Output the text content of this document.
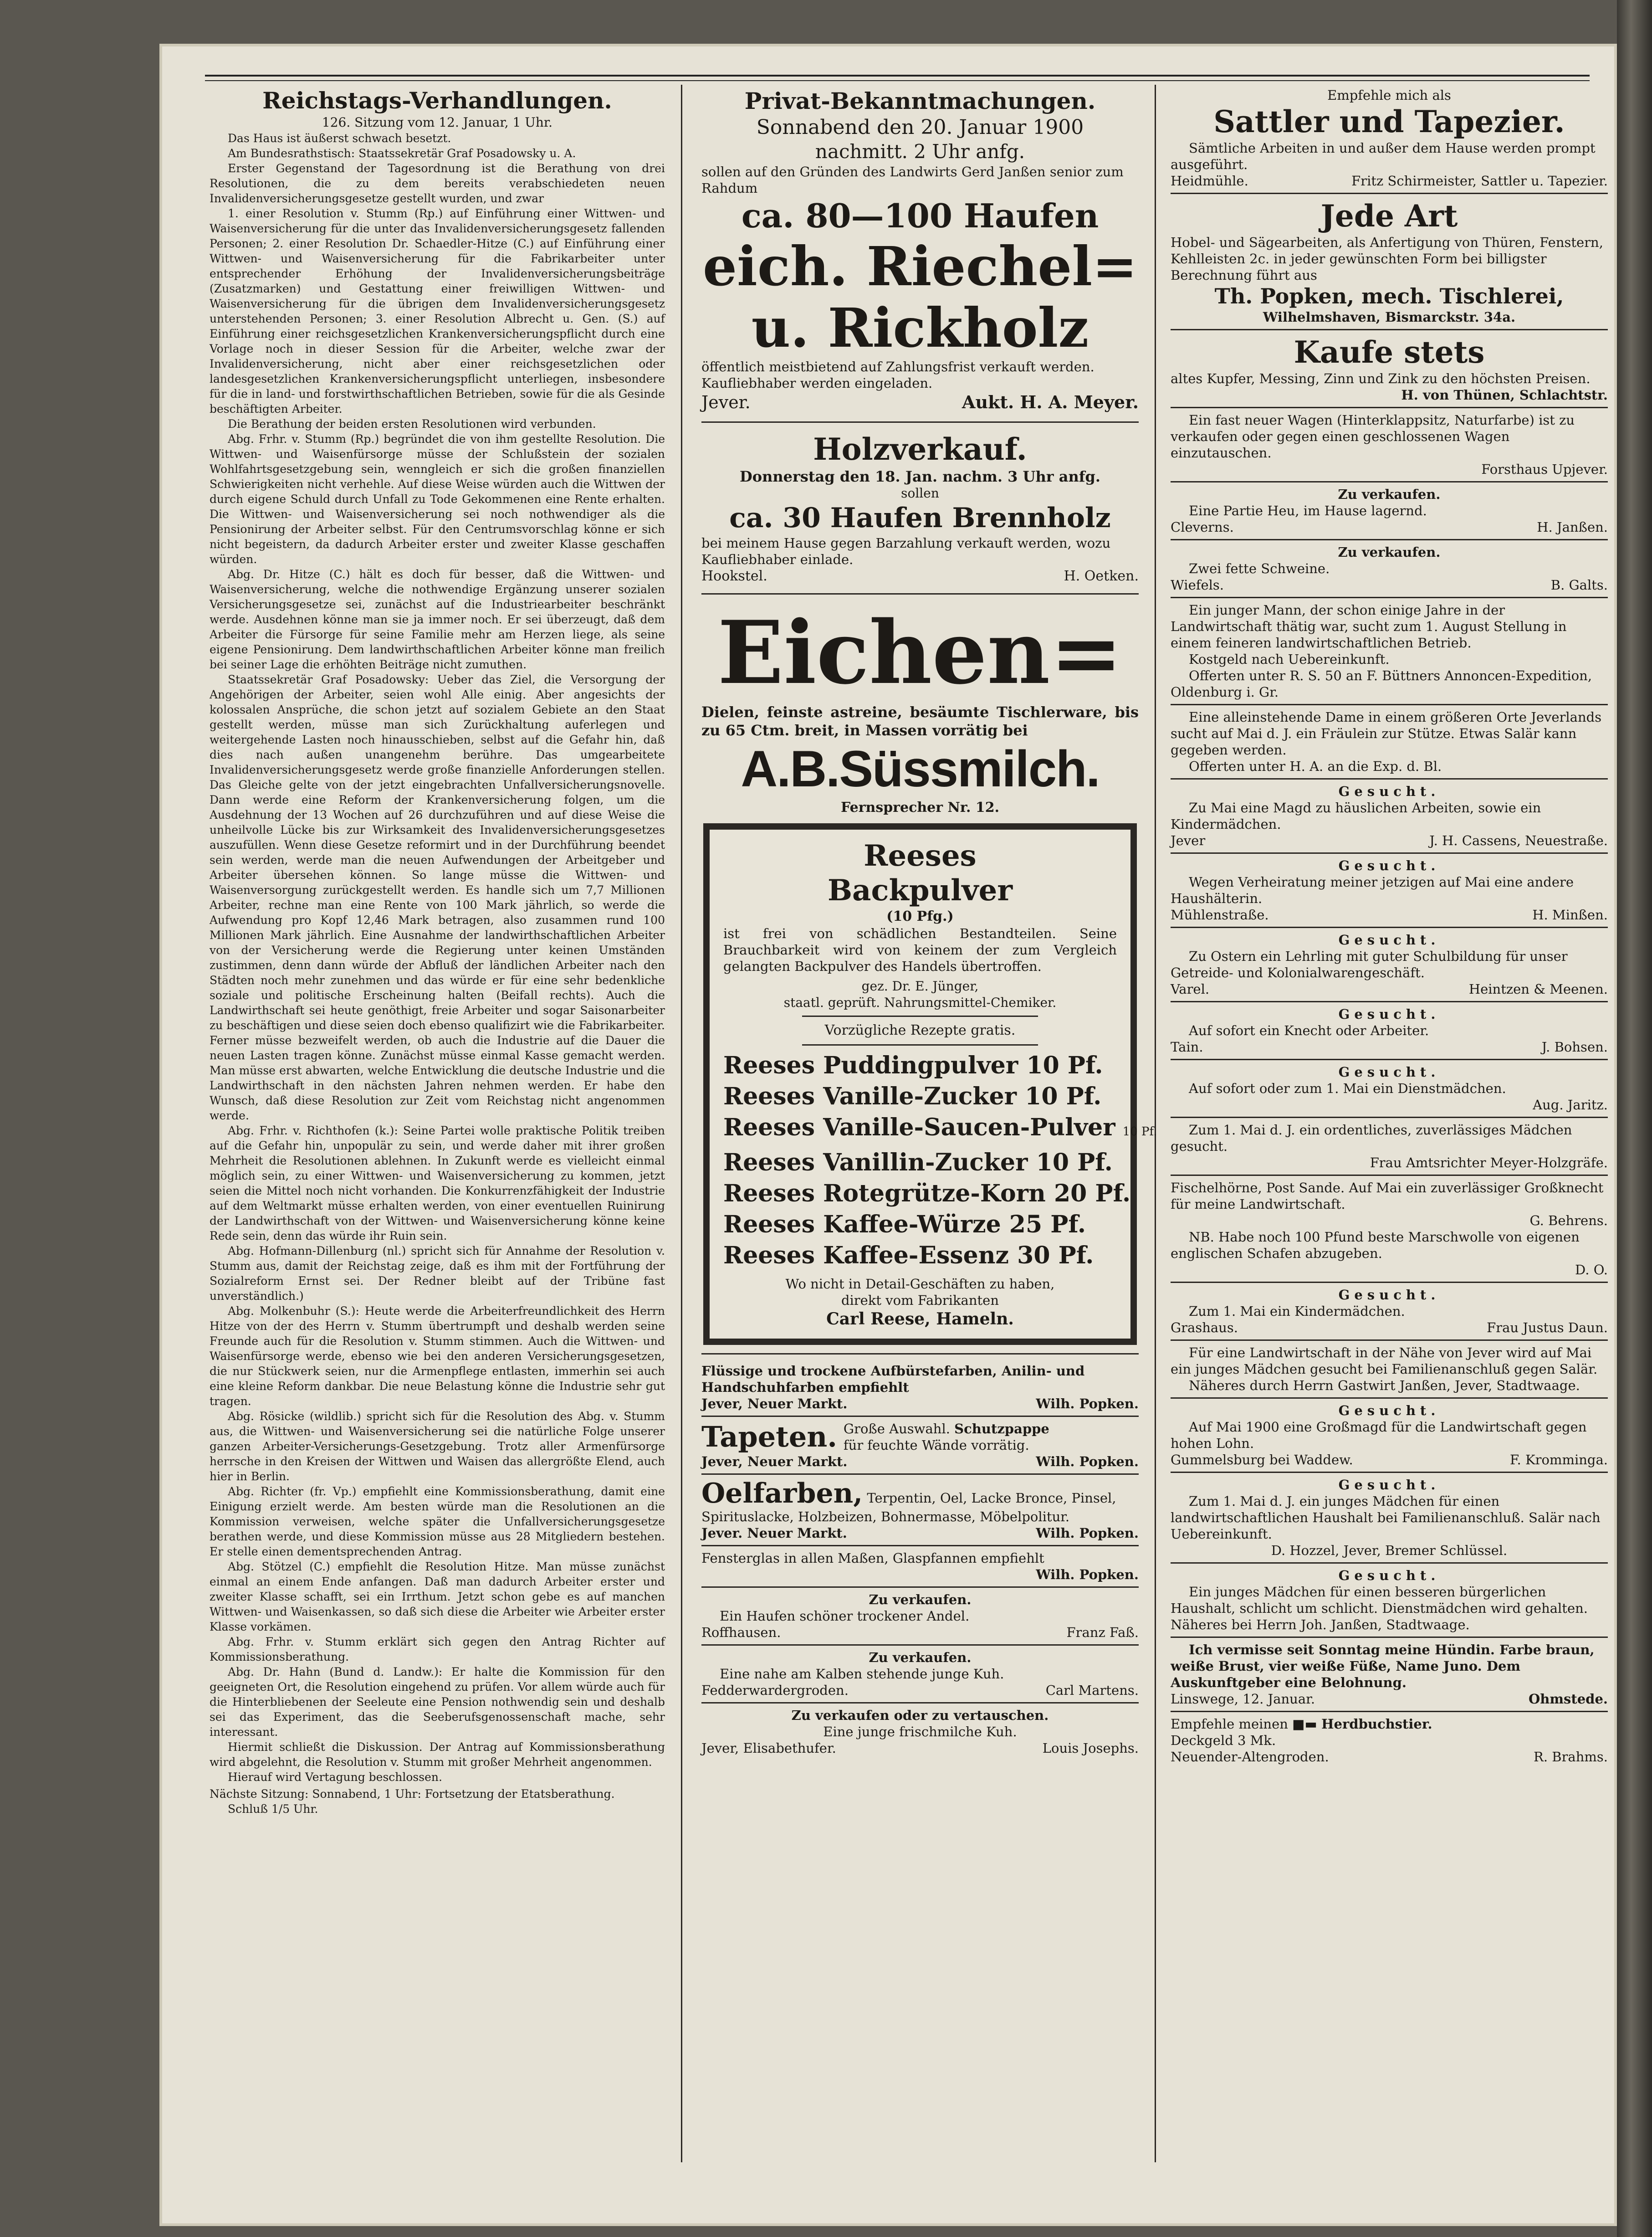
Reichstags-Verhandlungen.
126. Sitzung vom 12. Januar, 1 Uhr.

Das Haus ist äußerst schwach besetzt.

Am Bundesrathstisch: Staatssekretär Graf Posadowsky u. A.

Erster Gegenstand der Tagesordnung ist die Berathung von drei Resolutionen, die zu dem bereits verabschiedeten neuen Invalidenversicherungsgesetze gestellt wurden, und zwar

1. einer Resolution v. Stumm (Rp.) auf Einführung einer Wittwen- und Waisenversicherung für die unter das Invalidenversicherungsgesetz fallenden Personen; 2. einer Resolution Dr. Schaedler-Hitze (C.) auf Einführung einer Wittwen- und Waisenversicherung für die Fabrikarbeiter unter entsprechender Erhöhung der Invalidenversicherungsbeiträge (Zusatzmarken) und Gestattung einer freiwilligen Wittwen- und Waisenversicherung für die übrigen dem Invalidenversicherungsgesetz unterstehenden Personen; 3. einer Resolution Albrecht u. Gen. (S.) auf Einführung einer reichsgesetzlichen Krankenversicherungspflicht durch eine Vorlage noch in dieser Session für die Arbeiter, welche zwar der Invalidenversicherung, nicht aber einer reichsgesetzlichen oder landesgesetzlichen Krankenversicherungspflicht unterliegen, insbesondere für die in land- und forstwirthschaftlichen Betrieben, sowie für die als Gesinde beschäftigten Arbeiter.

Die Berathung der beiden ersten Resolutionen wird verbunden.

Abg. Frhr. v. Stumm (Rp.) begründet die von ihm gestellte Resolution. Die Wittwen- und Waisenfürsorge müsse der Schlußstein der sozialen Wohlfahrtsgesetzgebung sein, wenngleich er sich die großen finanziellen Schwierigkeiten nicht verhehle. Auf diese Weise würden auch die Wittwen der durch eigene Schuld durch Unfall zu Tode Gekommenen eine Rente erhalten. Die Wittwen- und Waisenversicherung sei noch nothwendiger als die Pensionirung der Arbeiter selbst. Für den Centrumsvorschlag könne er sich nicht begeistern, da dadurch Arbeiter erster und zweiter Klasse geschaffen würden.

Abg. Dr. Hitze (C.) hält es doch für besser, daß die Wittwen- und Waisenversicherung, welche die nothwendige Ergänzung unserer sozialen Versicherungsgesetze sei, zunächst auf die Industriearbeiter beschränkt werde. Ausdehnen könne man sie ja immer noch. Er sei überzeugt, daß dem Arbeiter die Fürsorge für seine Familie mehr am Herzen liege, als seine eigene Pensionirung. Dem landwirthschaftlichen Arbeiter könne man freilich bei seiner Lage die erhöhten Beiträge nicht zumuthen.

Staatssekretär Graf Posadowsky: Ueber das Ziel, die Versorgung der Angehörigen der Arbeiter, seien wohl Alle einig. Aber angesichts der kolossalen Ansprüche, die schon jetzt auf sozialem Gebiete an den Staat gestellt werden, müsse man sich Zurückhaltung auferlegen und weitergehende Lasten noch hinausschieben, selbst auf die Gefahr hin, daß dies nach außen unangenehm berühre. Das umgearbeitete Invalidenversicherungsgesetz werde große finanzielle Anforderungen stellen. Das Gleiche gelte von der jetzt eingebrachten Unfallversicherungsnovelle. Dann werde eine Reform der Krankenversicherung folgen, um die Ausdehnung der 13 Wochen auf 26 durchzuführen und auf diese Weise die unheilvolle Lücke bis zur Wirksamkeit des Invalidenversicherungsgesetzes auszufüllen. Wenn diese Gesetze reformirt und in der Durchführung beendet sein werden, werde man die neuen Aufwendungen der Arbeitgeber und Arbeiter übersehen können. So lange müsse die Wittwen- und Waisenversorgung zurückgestellt werden. Es handle sich um 7,7 Millionen Arbeiter, rechne man eine Rente von 100 Mark jährlich, so werde die Aufwendung pro Kopf 12,46 Mark betragen, also zusammen rund 100 Millionen Mark jährlich. Eine Ausnahme der landwirthschaftlichen Arbeiter von der Versicherung werde die Regierung unter keinen Umständen zustimmen, denn dann würde der Abfluß der ländlichen Arbeiter nach den Städten noch mehr zunehmen und das würde er für eine sehr bedenkliche soziale und politische Erscheinung halten (Beifall rechts). Auch die Landwirthschaft sei heute genöthigt, freie Arbeiter und sogar Saisonarbeiter zu beschäftigen und diese seien doch ebenso qualifizirt wie die Fabrikarbeiter. Ferner müsse bezweifelt werden, ob auch die Industrie auf die Dauer die neuen Lasten tragen könne. Zunächst müsse einmal Kasse gemacht werden. Man müsse erst abwarten, welche Entwicklung die deutsche Industrie und die Landwirthschaft in den nächsten Jahren nehmen werden. Er habe den Wunsch, daß diese Resolution zur Zeit vom Reichstag nicht angenommen werde.

Abg. Frhr. v. Richthofen (k.): Seine Partei wolle praktische Politik treiben auf die Gefahr hin, unpopulär zu sein, und werde daher mit ihrer großen Mehrheit die Resolutionen ablehnen. In Zukunft werde es vielleicht einmal möglich sein, zu einer Wittwen- und Waisenversicherung zu kommen, jetzt seien die Mittel noch nicht vorhanden. Die Konkurrenzfähigkeit der Industrie auf dem Weltmarkt müsse erhalten werden, von einer eventuellen Ruinirung der Landwirthschaft von der Wittwen- und Waisenversicherung könne keine Rede sein, denn das würde ihr Ruin sein.

Abg. Hofmann-Dillenburg (nl.) spricht sich für Annahme der Resolution v. Stumm aus, damit der Reichstag zeige, daß es ihm mit der Fortführung der Sozialreform Ernst sei. Der Redner bleibt auf der Tribüne fast unverständlich.)

Abg. Molkenbuhr (S.): Heute werde die Arbeiterfreundlichkeit des Herrn Hitze von der des Herrn v. Stumm übertrumpft und deshalb werden seine Freunde auch für die Resolution v. Stumm stimmen. Auch die Wittwen- und Waisenfürsorge werde, ebenso wie bei den anderen Versicherungsgesetzen, die nur Stückwerk seien, nur die Armenpflege entlasten, immerhin sei auch eine kleine Reform dankbar. Die neue Belastung könne die Industrie sehr gut tragen.

Abg. Rösicke (wildlib.) spricht sich für die Resolution des Abg. v. Stumm aus, die Wittwen- und Waisenversicherung sei die natürliche Folge unserer ganzen Arbeiter-Versicherungs-Gesetzgebung. Trotz aller Armenfürsorge herrsche in den Kreisen der Wittwen und Waisen das allergrößte Elend, auch hier in Berlin.

Abg. Richter (fr. Vp.) empfiehlt eine Kommissionsberathung, damit eine Einigung erzielt werde. Am besten würde man die Resolutionen an die Kommission verweisen, welche später die Unfallversicherungsgesetze berathen werde, und diese Kommission müsse aus 28 Mitgliedern bestehen. Er stelle einen dementsprechenden Antrag.

Abg. Stötzel (C.) empfiehlt die Resolution Hitze. Man müsse zunächst einmal an einem Ende anfangen. Daß man dadurch Arbeiter erster und zweiter Klasse schafft, sei ein Irrthum. Jetzt schon gebe es auf manchen Wittwen- und Waisenkassen, so daß sich diese die Arbeiter wie Arbeiter erster Klasse vorkämen.

Abg. Frhr. v. Stumm erklärt sich gegen den Antrag Richter auf Kommissionsberathung.

Abg. Dr. Hahn (Bund d. Landw.): Er halte die Kommission für den geeigneten Ort, die Resolution eingehend zu prüfen. Vor allem würde auch für die Hinterbliebenen der Seeleute eine Pension nothwendig sein und deshalb sei das Experiment, das die Seeberufsgenossenschaft mache, sehr interessant.

Hiermit schließt die Diskussion. Der Antrag auf Kommissionsberathung wird abgelehnt, die Resolution v. Stumm mit großer Mehrheit angenommen.

Hierauf wird Vertagung beschlossen.

Nächste Sitzung: Sonnabend, 1 Uhr: Fortsetzung der Etatsberathung.
Schluß 1/5 Uhr.
Privat-Bekanntmachungen.

Sonnabend den 20. Januar 1900

nachmitt. 2 Uhr anfg.

sollen auf den Gründen des Landwirts Gerd Janßen senior zum Rahdum

ca. 80—100 Haufen

eich. Riechel=

u. Rickholz

öffentlich meistbietend auf Zahlungsfrist verkauft werden. Kaufliebhaber werden eingeladen.

Jever.	Aukt. H. A. Meyer.

Holzverkauf.

Donnerstag den 18. Jan. nachm. 3 Uhr anfg.

sollen

ca. 30 Haufen Brennholz

bei meinem Hause gegen Barzahlung verkauft werden, wozu Kaufliebhaber einlade.

Hookstel.	H. Oetken.

Eichen=

Dielen, feinste astreine, besäumte Tischlerware, bis zu 65 Ctm. breit, in Massen vorrätig bei

A.B.Süssmilch.

Fernsprecher Nr. 12.

Reeses

Backpulver

(10 Pfg.)

ist frei von schädlichen Bestandteilen. Seine Brauchbarkeit wird von keinem der zum Vergleich gelangten Backpulver des Handels übertroffen.

gez. Dr. E. Jünger,

staatl. geprüft. Nahrungsmittel-Chemiker.

Vorzügliche Rezepte gratis.

Reeses Puddingpulver 10 Pf.
Reeses Vanille-Zucker 10 Pf.
Reeses Vanille-Saucen-Pulver 10 Pf.
Reeses Vanillin-Zucker 10 Pf.
Reeses Rotegrütze-Korn 20 Pf.
Reeses Kaffee-Würze 25 Pf.
Reeses Kaffee-Essenz 30 Pf.

Wo nicht in Detail-Geschäften zu haben,

direkt vom Fabrikanten

Carl Reese, Hameln.

Flüssige und trockene Aufbürstefarben, Anilin- und Handschuhfarben empfiehlt

Jever, Neuer Markt.	Wilh. Popken.
Tapeten. Große Auswahl. Schutzpappe
für feuchte Wände vorrätig.
Jever, Neuer Markt.	Wilh. Popken.

Oelfarben, Terpentin, Oel, Lacke Bronce, Pinsel, Spirituslacke, Holzbeizen, Bohnermasse, Möbelpolitur.

Jever. Neuer Markt.	Wilh. Popken.

Fensterglas in allen Maßen, Glaspfannen empfiehlt

Wilh. Popken.

Zu verkaufen.

Ein Haufen schöner trockener Andel.

Roffhausen.	Franz Faß.

Zu verkaufen.

Eine nahe am Kalben stehende junge Kuh.

Fedderwardergroden.	Carl Martens.

Zu verkaufen oder zu vertauschen.

Eine junge frischmilche Kuh.

Jever, Elisabethufer.	Louis Josephs.

Empfehle mich als

Sattler und Tapezier.

Sämtliche Arbeiten in und außer dem Hause werden prompt ausgeführt.

Heidmühle.	Fritz Schirmeister, Sattler u. Tapezier.

Jede Art

Hobel- und Sägearbeiten, als Anfertigung von Thüren, Fenstern, Kehlleisten 2c. in jeder gewünschten Form bei billigster Berechnung führt aus

Th. Popken, mech. Tischlerei,

Wilhelmshaven, Bismarckstr. 34a.

Kaufe stets

altes Kupfer, Messing, Zinn und Zink zu den höchsten Preisen.

H. von Thünen, Schlachtstr.

Ein fast neuer Wagen (Hinterklappsitz, Naturfarbe) ist zu verkaufen oder gegen einen geschlossenen Wagen einzutauschen.

Forsthaus Upjever.

Zu verkaufen.

Eine Partie Heu, im Hause lagernd.

Cleverns.	H. Janßen.

Zu verkaufen.

Zwei fette Schweine.

Wiefels.	B. Galts.

Ein junger Mann, der schon einige Jahre in der Landwirtschaft thätig war, sucht zum 1. August Stellung in einem feineren landwirtschaftlichen Betrieb.

Kostgeld nach Uebereinkunft.

Offerten unter R. S. 50 an F. Büttners Annoncen-Expedition, Oldenburg i. Gr.

Eine alleinstehende Dame in einem größeren Orte Jeverlands sucht auf Mai d. J. ein Fräulein zur Stütze. Etwas Salär kann gegeben werden.

Offerten unter H. A. an die Exp. d. Bl.

Gesucht.

Zu Mai eine Magd zu häuslichen Arbeiten, sowie ein Kindermädchen.

Jever	J. H. Cassens, Neuestraße.

Gesucht.

Wegen Verheiratung meiner jetzigen auf Mai eine andere Haushälterin.

Mühlenstraße.	H. Minßen.

Gesucht.

Zu Ostern ein Lehrling mit guter Schulbildung für unser Getreide- und Kolonialwarengeschäft.

Varel.	Heintzen & Meenen.

Gesucht.

Auf sofort ein Knecht oder Arbeiter.

Tain.	J. Bohsen.

Gesucht.

Auf sofort oder zum 1. Mai ein Dienstmädchen.

Aug. Jaritz.

Zum 1. Mai d. J. ein ordentliches, zuverlässiges Mädchen gesucht.

Frau Amtsrichter Meyer-Holzgräfe.

Fischelhörne, Post Sande. Auf Mai ein zuverlässiger Großknecht für meine Landwirtschaft.

G. Behrens.

NB. Habe noch 100 Pfund beste Marschwolle von eigenen englischen Schafen abzugeben.

D. O.

Gesucht.

Zum 1. Mai ein Kindermädchen.

Grashaus.	Frau Justus Daun.

Für eine Landwirtschaft in der Nähe von Jever wird auf Mai ein junges Mädchen gesucht bei Familienanschluß gegen Salär.

Näheres durch Herrn Gastwirt Janßen, Jever, Stadtwaage.

Gesucht.

Auf Mai 1900 eine Großmagd für die Landwirtschaft gegen hohen Lohn.

Gummelsburg bei Waddew.	F. Kromminga.

Gesucht.

Zum 1. Mai d. J. ein junges Mädchen für einen landwirtschaftlichen Haushalt bei Familienanschluß. Salär nach Uebereinkunft.

D. Hozzel, Jever, Bremer Schlüssel.

Gesucht.

Ein junges Mädchen für einen besseren bürgerlichen Haushalt, schlicht um schlicht. Dienstmädchen wird gehalten. Näheres bei Herrn Joh. Janßen, Stadtwaage.

Ich vermisse seit Sonntag meine Hündin. Farbe braun, weiße Brust, vier weiße Füße, Name Juno. Dem Auskunftgeber eine Belohnung.

Linswege, 12. Januar.	Ohmstede.

Empfehle meinen ■▬ Herdbuchstier.

Deckgeld 3 Mk.

Neuender-Altengroden.	R. Brahms.
